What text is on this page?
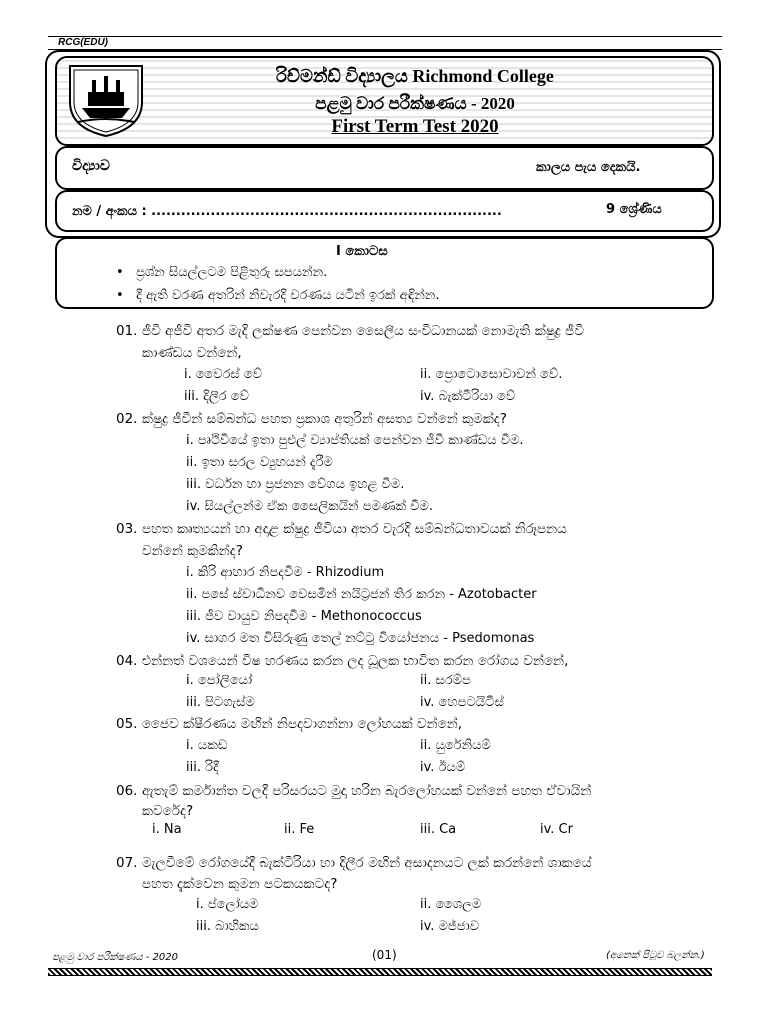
RCG(EDU)
රිච්මන්ඩ් විද්‍යාලය Richmond College
පළමු වාර පරීක්ෂණය - 2020
First Term Test 2020
විද්‍යාව	කාලය පැය දෙකයි.
නම / අංකය : .......................................................................	9 ශ්‍රේණිය
I කොටස
•   ප්‍රශ්න සියල්ලටම පිළිතුරු සපයන්න.
•   දී ඇති වරණ අතරින් නිවැරදි වරණය යටින් ඉරක් අඳින්න.
01. ජීවී අජීවී අතර මැදි ලක්ෂණ පෙන්වන සෛලීය සංවිධානයක් නොමැති ක්ෂුද්‍ර ජීවී
කාණ්ඩය වන්නේ,
i. වෛරස් වේ	ii. ප්‍රොටොසොවාවන් වේ.
iii. දිලීර වේ	iv. බැක්ටීරියා වේ
02. ක්ෂුද්‍ර ජීවීන් සම්බන්ධ පහත ප්‍රකාශ අතුරින් අසත්‍ය වන්නේ කුමක්ද?
i. පෘථිවියේ ඉතා පුළුල් ව්‍යාප්තියක් පෙන්වන ජීවී කාණ්ඩය වීම.
ii. ඉතා සරල ව්‍යුහයන් දැරීම
iii. වර්ධන හා ප්‍රජනන වේගය ඉහළ වීම.
iv. සියල්ලන්ම ඒක සෛලිකයින් පමණක් වීම.
03. පහත කෘත්‍යයන් හා අදාළ ක්ෂුද්‍ර ජීවියා අතර වැරදි සම්බන්ධතාවයක් නිරූපනය
වන්නේ කුමකින්ද?
i. කිරි ආහාර නිපදවීම - Rhizodium
ii. පසේ ස්වාධීනව වෙසමින් නයිට්‍රජන් තිර කරන - Azotobacter
iii. ජීව වායුව නිපදවීම - Methonococcus
iv. සාගර මත විසිරුණු තෙල් නට්ටු වියෝජනය - Psedomonas
04. එන්නත් වශයෙන් විෂ හරණය කරන ලද ධූලක භාවිත කරන රෝගය වන්නේ,
i. පෝලියෝ	ii. සරම්ප
iii. පිටගැස්ම	iv. හෙපටයිටීස්
05. ජෛව ක්ෂීරණය මඟින් නිපදවාගන්නා ලෝහයක් වන්නේ,
i. යකඩ	ii. යුරේනියම්
iii. රිදී	iv. ඊයම්
06. ඇතැම් කර්මාන්ත වලදී පරිසරයට මුදා හරින බැරලෝහයක් වන්නේ පහත ඒවායින්
කවරේද?
i. Na	ii. Fe	iii. Ca	iv. Cr
07. මැලවීමේ රෝගයේදී බැක්ටීරියා හා දිලීර මඟින් අසාදනයට ලක් කරන්නේ ශාකයේ
පහත දැක්වෙන කුමන පටකයකටද?
i. ප්ලෝයම	ii. ශෛලම
iii. බාහිකය	iv. මජ්ජාව
පළමු වාර පරීක්ෂණය - 2020	(01)	(අනෙක් පිටුව බලන්න.)
